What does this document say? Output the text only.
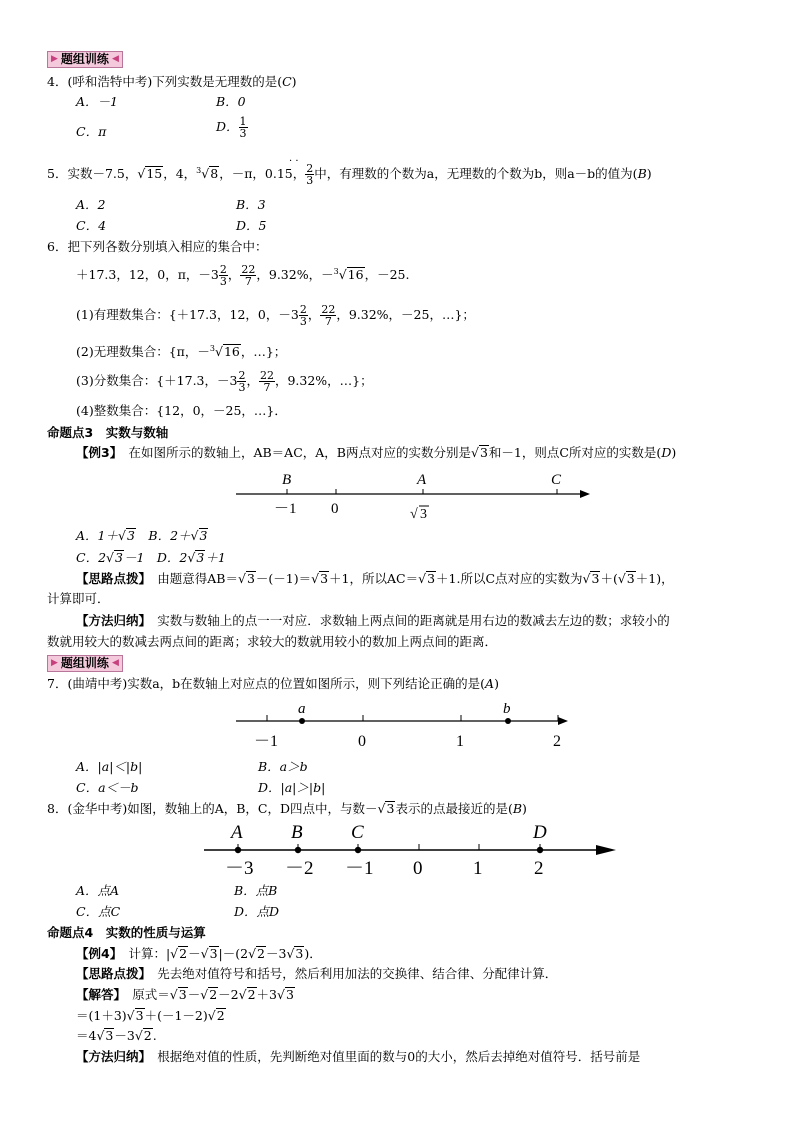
▶ 题组训练 ◀
4．(呼和浩特中考)下列实数是无理数的是(C)
A．－1	B．0
C．π	D． $\frac{1}{3}$
5．实数－7.5，√15，4，$^3$√8，－π，0.15， $\frac{2}{3}$ 中，有理数的个数为a，无理数的个数为b，则a－b的值为(B)
· ·
A．2	B．3
C．4	D．5
6．把下列各数分别填入相应的集合中：
＋17.3，12，0，π，$-3 \frac{2}{3}$ ， $\frac{22}{7}$ ，9.32%，－$^3$√16，－25.
(1)有理数集合：{＋17.3，12，0，$-3 \frac{2}{3}$ ， $\frac{22}{7}$ ，9.32%，－25，…}；
(2)无理数集合：{π，－$^3$√16，…}；
(3)分数集合：{＋17.3，$-3 \frac{2}{3}$ ， $\frac{22}{7}$ ，9.32%，…}；
(4)整数集合：{12，0，－25，…}．
命题点3　实数与数轴
【例3】　在如图所示的数轴上，AB＝AC，A，B两点对应的实数分别是√3和－1，则点C所对应的实数是(D)
B	A	C
－1 0	√ 3
A．1＋√3　B．2＋√3
C．2√3－1　D．2√3＋1
【思路点拨】　由题意得AB＝√3－(－1)＝√3＋1，所以AC＝√3＋1.所以C点对应的实数为√3＋(√3＋1)，
计算即可．
【方法归纳】　实数与数轴上的点一一对应．求数轴上两点间的距离就是用右边的数减去左边的数；求较小的
数就用较大的数减去两点间的距离；求较大的数就用较小的数加上两点间的距离．
▶ 题组训练 ◀
7．(曲靖中考)实数a，b在数轴上对应点的位置如图所示，则下列结论正确的是(A)
a	b
－1	0	1	2
A．|a|＜|b|	B．a＞b
C．a＜－b	D．|a|＞|b|
8．(金华中考)如图，数轴上的A，B，C，D四点中，与数－√3表示的点最接近的是(B)
A	B	C	D
－3 －2 －1 0	1	2
A．点A	B．点B
C．点C	D．点D
命题点4　实数的性质与运算
【例4】　计算：|√2－√3|－(2√2－3√3)．
【思路点拨】　先去绝对值符号和括号，然后利用加法的交换律、结合律、分配律计算．
【解答】　原式＝√3－√2－2√2＋3√3
＝(1＋3)√3＋(－1－2)√2
＝4√3－3√2.
【方法归纳】　根据绝对值的性质，先判断绝对值里面的数与0的大小，然后去掉绝对值符号．括号前是
